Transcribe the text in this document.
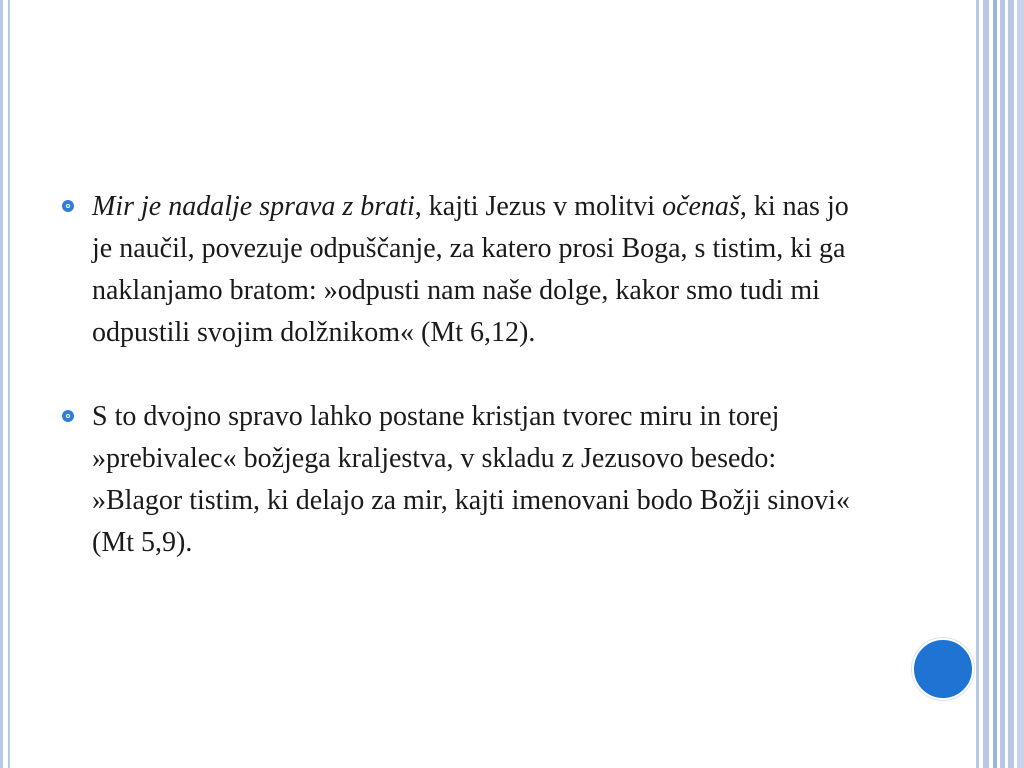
Mir je nadalje sprava z brati, kajti Jezus v molitvi očenaš, ki nas jo je naučil, povezuje odpuščanje, za katero prosi Boga, s tistim, ki ga naklanjamo bratom: »odpusti nam naše dolge, kakor smo tudi mi odpustili svojim dolžnikom« (Mt 6,12).
S to dvojno spravo lahko postane kristjan tvorec miru in torej »prebivalec« božjega kraljestva, v skladu z Jezusovo besedo: »Blagor tistim, ki delajo za mir, kajti imenovani bodo Božji sinovi« (Mt 5,9).
